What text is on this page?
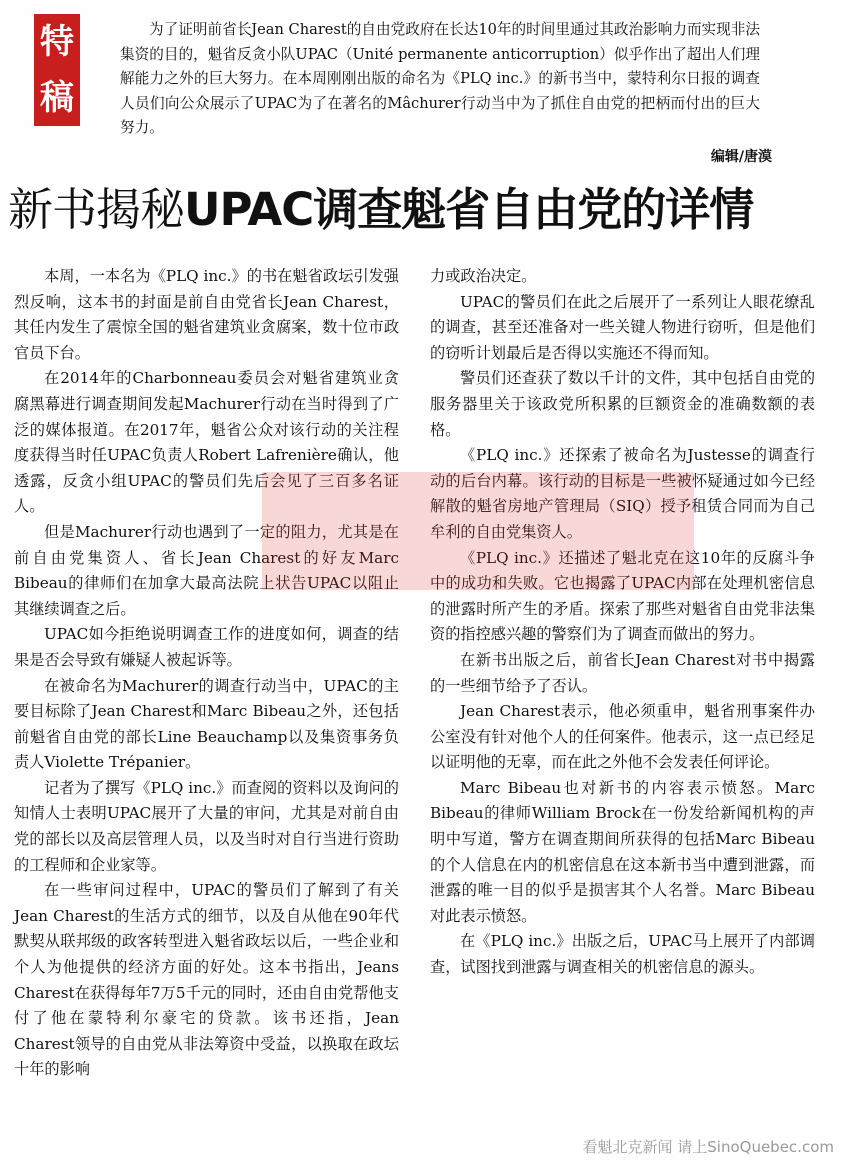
特
稿
为了证明前省长Jean Charest的自由党政府在长达10年的时间里通过其政治影响力而实现非法集资的目的，魁省反贪小队UPAC（Unité permanente anticorruption）似乎作出了超出人们理解能力之外的巨大努力。在本周刚刚出版的命名为《PLQ inc.》的新书当中，蒙特利尔日报的调查人员们向公众展示了UPAC为了在著名的Mâchurer行动当中为了抓住自由党的把柄而付出的巨大努力。
编辑/唐漠
新书揭秘UPAC调查魁省自由党的详情

本周，一本名为《PLQ inc.》的书在魁省政坛引发强烈反响，这本书的封面是前自由党省长Jean Charest，其任内发生了震惊全国的魁省建筑业贪腐案，数十位市政官员下台。

在2014年的Charbonneau委员会对魁省建筑业贪腐黑幕进行调查期间发起Machurer行动在当时得到了广泛的媒体报道。在2017年，魁省公众对该行动的关注程度获得当时任UPAC负责人Robert Lafrenière确认，他透露，反贪小组UPAC的警员们先后会见了三百多名证人。

但是Machurer行动也遇到了一定的阻力，尤其是在前自由党集资人、省长Jean Charest的好友Marc Bibeau的律师们在加拿大最高法院上状告UPAC以阻止其继续调查之后。

UPAC如今拒绝说明调查工作的进度如何，调查的结果是否会导致有嫌疑人被起诉等。

在被命名为Machurer的调查行动当中，UPAC的主要目标除了Jean Charest和Marc Bibeau之外，还包括前魁省自由党的部长Line Beauchamp以及集资事务负责人Violette Trépanier。

记者为了撰写《PLQ inc.》而查阅的资料以及询问的知情人士表明UPAC展开了大量的审问，尤其是对前自由党的部长以及高层管理人员，以及当时对自行当进行资助的工程师和企业家等。

在一些审问过程中，UPAC的警员们了解到了有关Jean Charest的生活方式的细节，以及自从他在90年代默契从联邦级的政客转型进入魁省政坛以后，一些企业和个人为他提供的经济方面的好处。这本书指出，Jeans Charest在获得每年7万5千元的同时，还由自由党帮他支付了他在蒙特利尔豪宅的贷款。该书还指，Jean Charest领导的自由党从非法筹资中受益，以换取在政坛十年的影响

力或政治决定。

UPAC的警员们在此之后展开了一系列让人眼花缭乱的调查，甚至还准备对一些关键人物进行窃听，但是他们的窃听计划最后是否得以实施还不得而知。

警员们还查获了数以千计的文件，其中包括自由党的服务器里关于该政党所积累的巨额资金的准确数额的表格。

《PLQ inc.》还探索了被命名为Justesse的调查行动的后台内幕。该行动的目标是一些被怀疑通过如今已经解散的魁省房地产管理局（SIQ）授予租赁合同而为自己牟利的自由党集资人。

《PLQ inc.》还描述了魁北克在这10年的反腐斗争中的成功和失败。它也揭露了UPAC内部在处理机密信息的泄露时所产生的矛盾。探索了那些对魁省自由党非法集资的指控感兴趣的警察们为了调查而做出的努力。

在新书出版之后，前省长Jean Charest对书中揭露的一些细节给予了否认。

Jean Charest表示，他必须重申，魁省刑事案件办公室没有针对他个人的任何案件。他表示，这一点已经足以证明他的无辜，而在此之外他不会发表任何评论。

Marc Bibeau也对新书的内容表示愤怒。Marc Bibeau的律师William Brock在一份发给新闻机构的声明中写道，警方在调查期间所获得的包括Marc Bibeau的个人信息在内的机密信息在这本新书当中遭到泄露，而泄露的唯一目的似乎是损害其个人名誉。Marc Bibeau对此表示愤怒。

在《PLQ inc.》出版之后，UPAC马上展开了内部调查，试图找到泄露与调查相关的机密信息的源头。

看魁北克新闻 请上SinoQuebec.com
